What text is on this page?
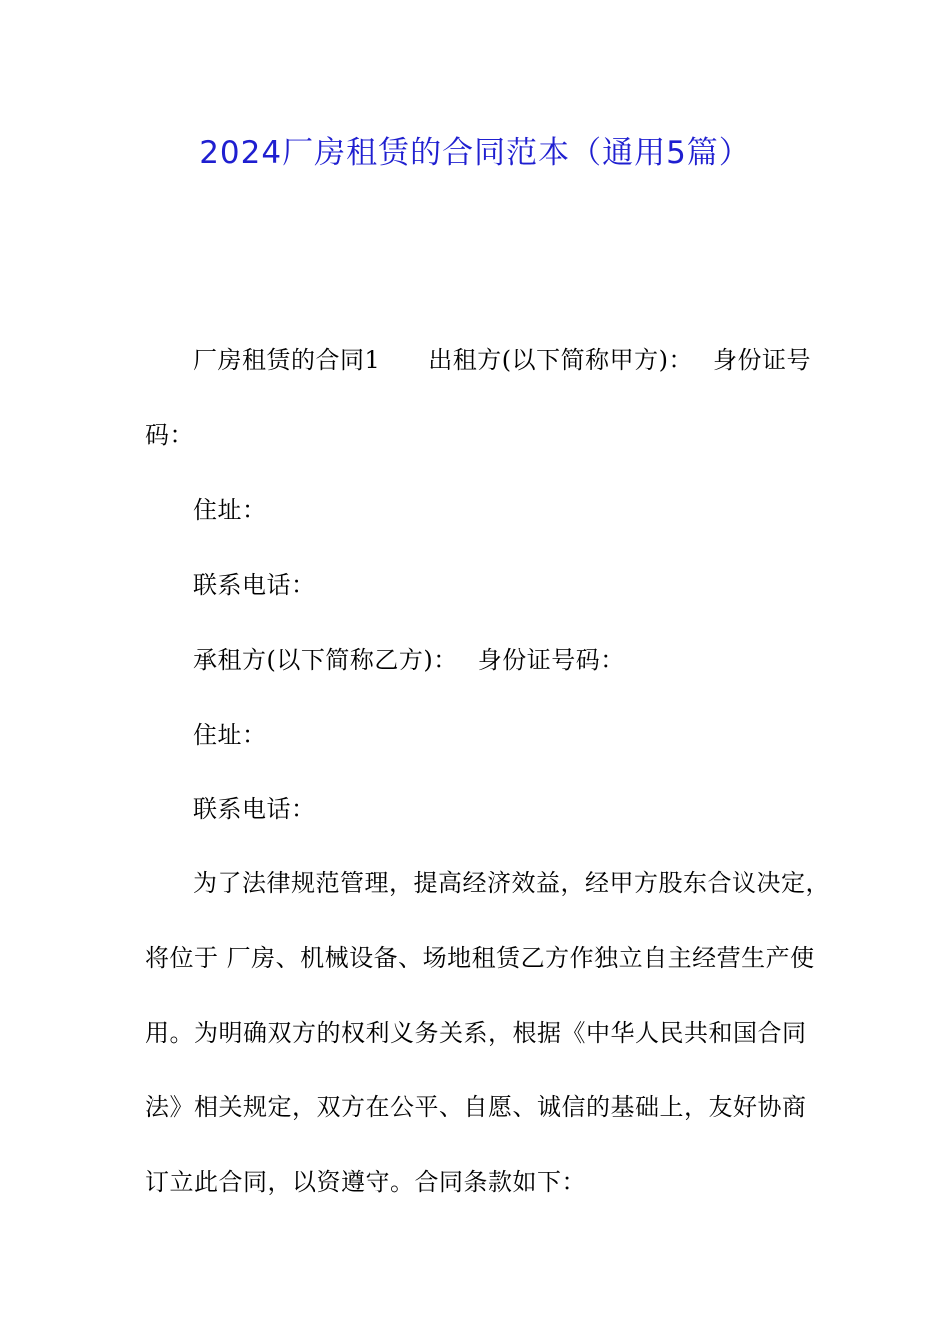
2024厂房租赁的合同范本（通用5篇）
厂房租赁的合同1 出租方(以下简称甲方)： 身份证号
码：
住址：
联系电话：
承租方(以下简称乙方)： 身份证号码：
住址：
联系电话：
为了法律规范管理，提高经济效益，经甲方股东合议决定，
将位于 厂房、机械设备、场地租赁乙方作独立自主经营生产使
用。为明确双方的权利义务关系，根据《中华人民共和国合同
法》相关规定，双方在公平、自愿、诚信的基础上，友好协商
订立此合同，以资遵守。合同条款如下：
